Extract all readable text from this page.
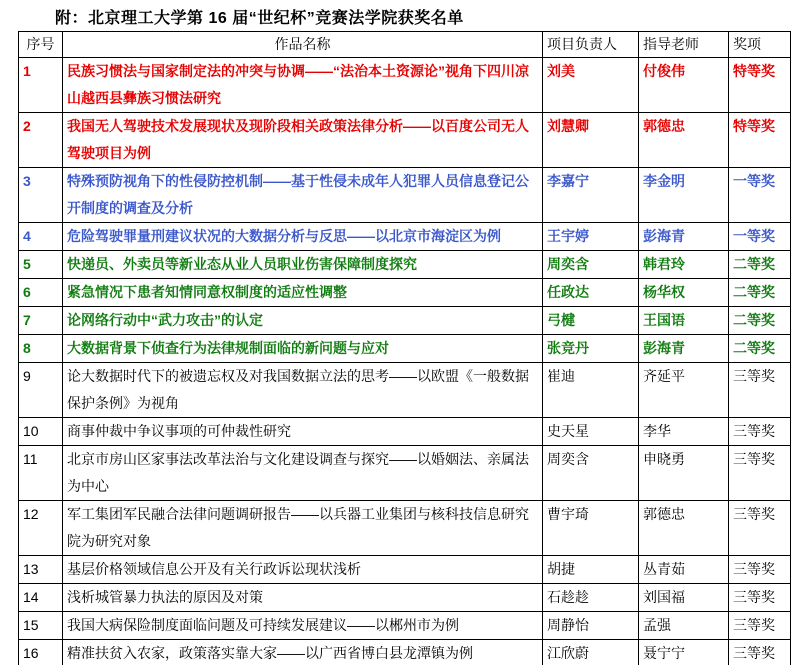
附：北京理工大学第 16 届“世纪杯”竞赛法学院获奖名单
序号	作品名称	项目负责人	指导老师	奖项
1	民族习惯法与国家制定法的冲突与协调——“法治本土资源论”视角下四川凉山越西县彝族习惯法研究	刘美	付俊伟	特等奖
2	我国无人驾驶技术发展现状及现阶段相关政策法律分析——以百度公司无人驾驶项目为例	刘慧卿	郭德忠	特等奖
3	特殊预防视角下的性侵防控机制——基于性侵未成年人犯罪人员信息登记公开制度的调查及分析	李嘉宁	李金明	一等奖
4	危险驾驶罪量刑建议状况的大数据分析与反思——以北京市海淀区为例	王宇婷	彭海青	一等奖
5	快递员、外卖员等新业态从业人员职业伤害保障制度探究	周奕含	韩君玲	二等奖
6	紧急情况下患者知情同意权制度的适应性调整	任政达	杨华权	二等奖
7	论网络行动中“武力攻击”的认定	弓楗	王国语	二等奖
8	大数据背景下侦查行为法律规制面临的新问题与应对	张竞丹	彭海青	二等奖
9	论大数据时代下的被遗忘权及对我国数据立法的思考——以欧盟《一般数据保护条例》为视角	崔迪	齐延平	三等奖
10	商事仲裁中争议事项的可仲裁性研究	史天星	李华	三等奖
11	北京市房山区家事法改革法治与文化建设调查与探究——以婚姻法、亲属法为中心	周奕含	申晓勇	三等奖
12	军工集团军民融合法律问题调研报告——以兵器工业集团与核科技信息研究院为研究对象	曹宇琦	郭德忠	三等奖
13	基层价格领域信息公开及有关行政诉讼现状浅析	胡捷	丛青茹	三等奖
14	浅析城管暴力执法的原因及对策	石趁趁	刘国福	三等奖
15	我国大病保险制度面临问题及可持续发展建议——以郴州市为例	周静怡	孟强	三等奖
16	精准扶贫入农家，政策落实靠大家——以广西省博白县龙潭镇为例	江欣蔚	聂宁宁	三等奖
